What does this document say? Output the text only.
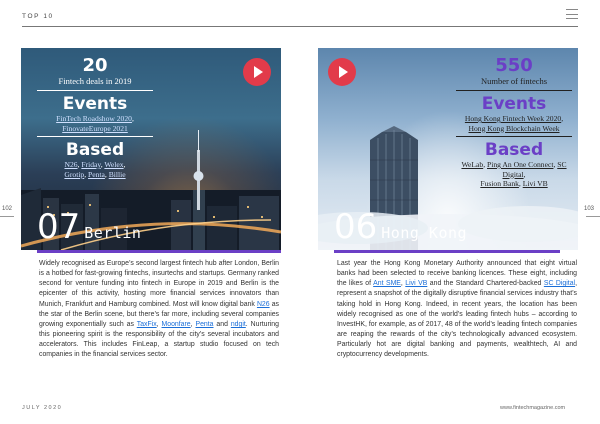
TOP 10
102	103
20
Fintech deals in 2019
Events
FinTech Roadshow 2020,
FinovateEurope 2021
Based
N26, Friday, Welex,
Grotip, Penta, Billie
07 Berlin
550
Number of fintechs
Events
Hong Kong Fintech Week 2020,
Hong Kong Blockchain Week
Based
WeLab, Ping An One Connect, SC Digital,
Fusion Bank, Livi VB
06 Hong Kong
Widely recognised as Europe’s second largest fintech hub after London, Berlin is a hotbed for fast-growing fintechs, insurtechs and startups. Germany ranked second for venture funding into fintech in Europe in 2019 and Berlin is the epicenter of this activity, hosting more financial services innovators than Munich, Frankfurt and Hamburg combined. Most will know digital bank N26 as the star of the Berlin scene, but there’s far more, including several companies growing exponentially such as TaxFix, Moonfare, Penta and ndgit. Nurturing this pioneering spirit is the responsibility of the city’s several incubators and accelerators. This includes FinLeap, a startup studio focused on tech companies in the financial services sector.
Last year the Hong Kong Monetary Authority announced that eight virtual banks had been selected to receive banking licences. These eight, including the likes of Ant SME, Livi VB and the Standard Chartered-backed SC Digital, represent a snapshot of the digitally disruptive financial services industry that’s taking hold in Hong Kong. Indeed, in recent years, the location has been widely recognised as one of the world’s leading fintech hubs – according to InvestHK, for example, as of 2017, 48 of the world’s leading fintech companies are reaping the rewards of the city’s technologically advanced ecosystem. Particularly hot are digital banking and payments, wealthtech, AI and cryptocurrency developments.
JULY 2020	www.fintechmagazine.com
